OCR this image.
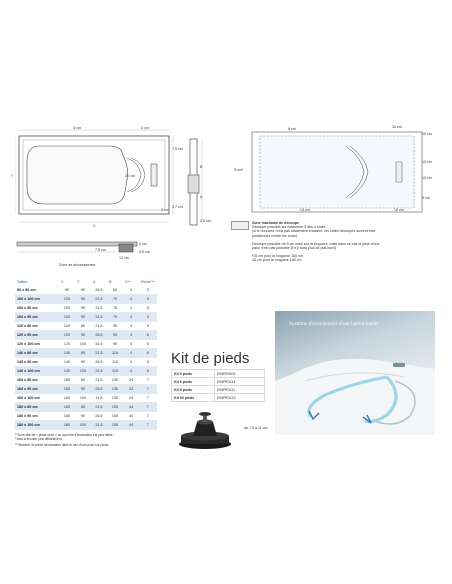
4 cm	4 cm
20 cm
Y
X
2 cm
7,5 cm
3,7 cm
B
A
2,5 cm
7,5 cm
12 cm
5 cm
3,5 cm
Zone de décaissement
8 cm	10 cm
10 cm
5 cm*
10 cm
10 cm
14 cm	10 cm
5 cm
Zone maximale de découpe
Découpe possible sur maximum 3 des 4 côtés
(si le receveur n'est pas totalement encastré, les côtés découpés doivent être
positionnés contre les murs)
Découpe possible de 5 cm maxi sur la longueur, mais dans ce cas la pose d'une
paroi n'est pas possible (il n'y aura plus de plat-bord)
*25 cm pour la longueur 160 cm
45 cm pour la longueur 180 cm
Tailles	X	Y	A	B	C**	Pieds***
90 x 90 cm	90	90	26,5	65	4	5
100 x 100 cm	100	90	21,5	75	4	5
100 x 80 cm	100	90	31,5	75	4	5
100 x 90 cm	100	90	31,5	75	4	5
120 x 80 cm	120	80	21,5	95	4	6
120 x 90 cm	120	90	26,5	95	4	6
120 x 100 cm	120	100	31,5	95	4	6
140 x 80 cm	140	80	21,5	115	4	6
140 x 90 cm	140	90	26,5	115	4	6
140 x 100 cm	140	100	31,5	115	4	6
160 x 80 cm	160	80	21,5	135	24	7
160 x 90 cm	160	90	26,5	135	24	7
160 x 100 cm	160	100	31,5	135	24	7
180 x 80 cm	180	80	21,5	155	44	7
180 x 90 cm	180	90	26,5	155	44	7
180 x 100 cm	180	100	31,5	155	44	7
**Zone dite de « plade sèce » où la pente d'évacuation est plus faible.
Trous à écouter plus difficilement
***Nombre de pieds nécessaires dans le cas d'une pose sur pieds
Kit de pieds
Kit 5 pieds	KINPIED09
Kit 6 pieds	KINPIED14
Kit 8 pieds	KINPIED11
Kit 30 pieds	KINPIED13
de 7,5 à 11 cm
Système d'écoulement d'eau latéral inédit
